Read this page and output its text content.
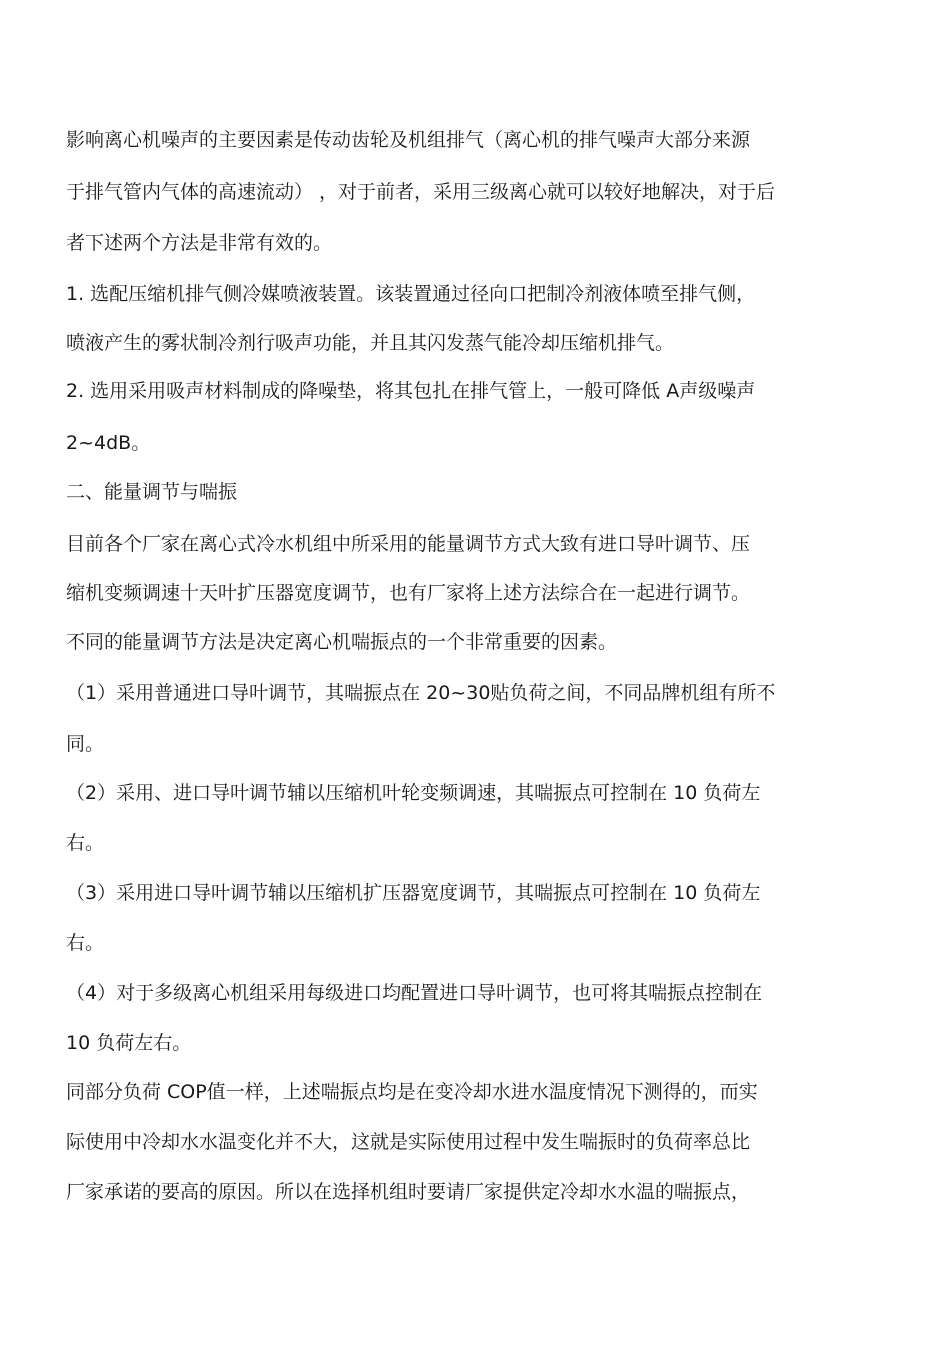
影响离心机噪声的主要因素是传动齿轮及机组排气（离心机的排气噪声大部分来源
于排气管内气体的高速流动） ，对于前者，采用三级离心就可以较好地解决，对于后
者下述两个方法是非常有效的。
1. 选配压缩机排气侧冷媒喷液装置。该装置通过径向口把制冷剂液体喷至排气侧，
喷液产生的雾状制冷剂行吸声功能，并且其闪发蒸气能冷却压缩机排气。
2. 选用采用吸声材料制成的降噪垫，将其包扎在排气管上，一般可降低 A声级噪声
2~4dB。
二、能量调节与喘振
目前各个厂家在离心式冷水机组中所采用的能量调节方式大致有进口导叶调节、压
缩机变频调速十天叶扩压器宽度调节，也有厂家将上述方法综合在一起进行调节。
不同的能量调节方法是决定离心机喘振点的一个非常重要的因素。
（1）采用普通进口导叶调节，其喘振点在 20~30贴负荷之间，不同品牌机组有所不
同。
（2）采用、进口导叶调节辅以压缩机叶轮变频调速，其喘振点可控制在 10 负荷左
右。
（3）采用进口导叶调节辅以压缩机扩压器宽度调节，其喘振点可控制在 10 负荷左
右。
（4）对于多级离心机组采用每级进口均配置进口导叶调节，也可将其喘振点控制在
10 负荷左右。
同部分负荷 COP值一样，上述喘振点均是在变冷却水进水温度情况下测得的，而实
际使用中冷却水水温变化并不大，这就是实际使用过程中发生喘振时的负荷率总比
厂家承诺的要高的原因。所以在选择机组时要请厂家提供定冷却水水温的喘振点，
